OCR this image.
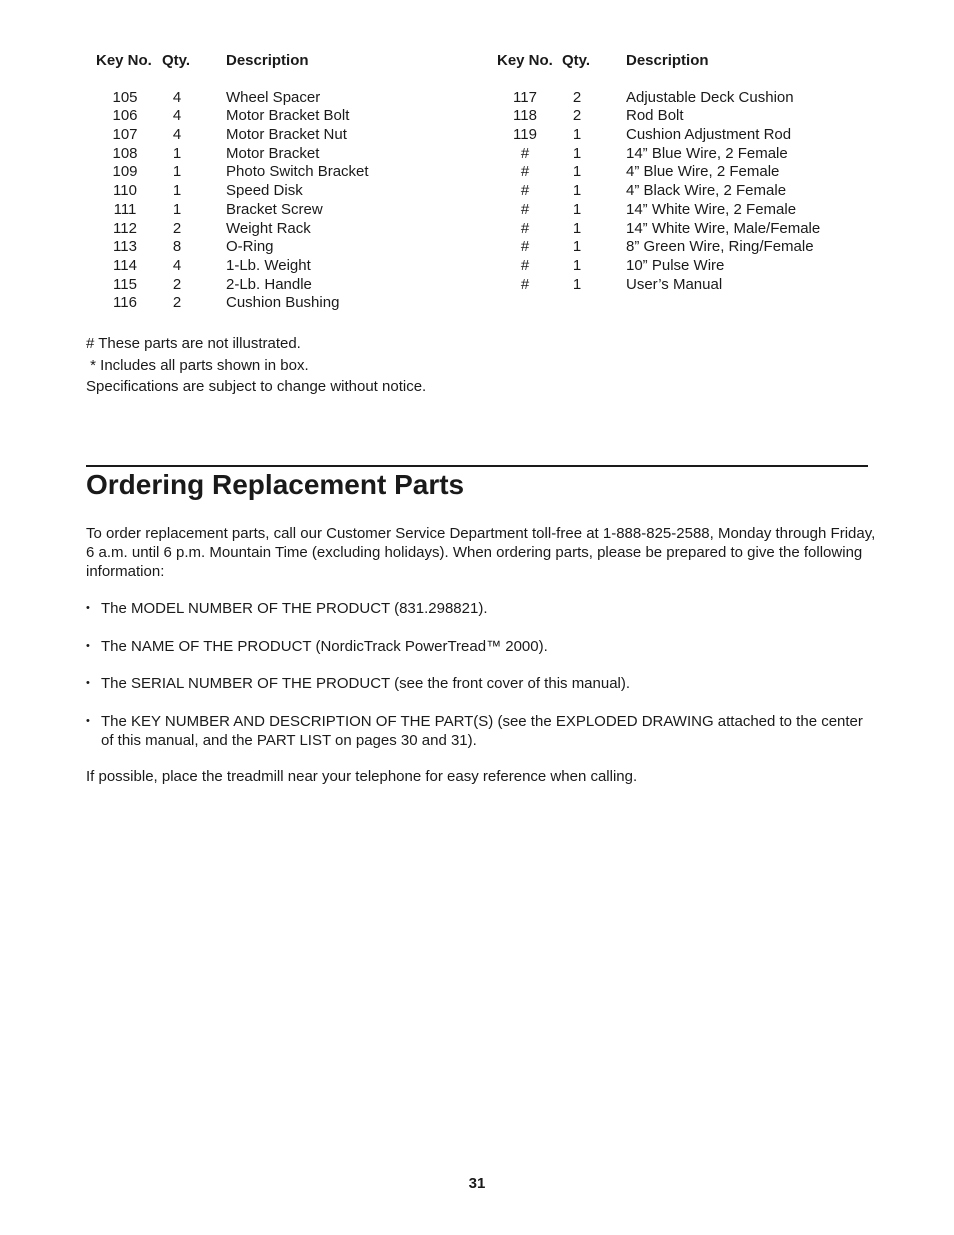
Key No. Qty. Description
105	4	Wheel Spacer
106	4	Motor Bracket Bolt
107	4	Motor Bracket Nut
108	1	Motor Bracket
109	1	Photo Switch Bracket
110	1	Speed Disk
111	1	Bracket Screw
112	2	Weight Rack
113	8	O-Ring
114	4	1-Lb. Weight
115	2	2-Lb. Handle
116	2	Cushion Bushing
Key No. Qty. Description
117	2	Adjustable Deck Cushion
118	2	Rod Bolt
119	1	Cushion Adjustment Rod
#	1	14” Blue Wire, 2 Female
#	1	4” Blue Wire, 2 Female
#	1	4” Black Wire, 2 Female
#	1	14” White Wire, 2 Female
#	1	14” White Wire, Male/Female
#	1	8” Green Wire, Ring/Female
#	1	10” Pulse Wire
#	1	User’s Manual
# These parts are not illustrated.
* Includes all parts shown in box.
Specifications are subject to change without notice.
Ordering Replacement Parts

To order replacement parts, call our Customer Service Department toll-free at 1-888-825-2588, Monday through Friday, 6 a.m. until 6 p.m. Mountain Time (excluding holidays). When ordering parts, please be prepared to give the following information:

• The MODEL NUMBER OF THE PRODUCT (831.298821).
• The NAME OF THE PRODUCT (NordicTrack PowerTread™ 2000).
• The SERIAL NUMBER OF THE PRODUCT (see the front cover of this manual).
• The KEY NUMBER AND DESCRIPTION OF THE PART(S) (see the EXPLODED DRAWING attached to the center of this manual, and the PART LIST on pages 30 and 31).

If possible, place the treadmill near your telephone for easy reference when calling.

31
